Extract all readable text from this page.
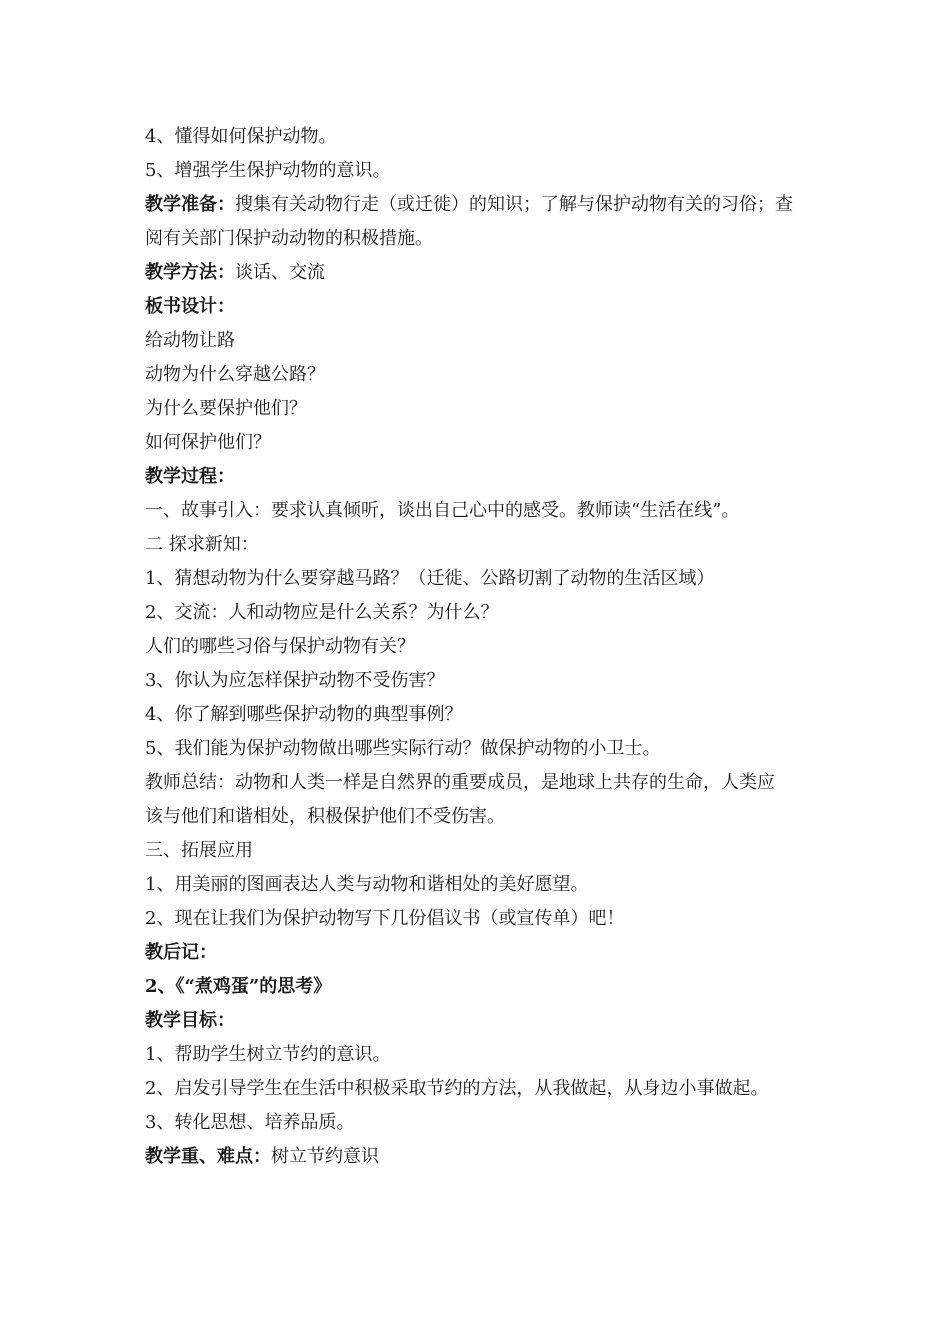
4、懂得如何保护动物。
5、增强学生保护动物的意识。
教学准备：搜集有关动物行走（或迁徙）的知识；了解与保护动物有关的习俗；查
阅有关部门保护动动物的积极措施。
教学方法：谈话、交流
板书设计：
给动物让路
动物为什么穿越公路？
为什么要保护他们？
如何保护他们？
教学过程：
一、故事引入：要求认真倾听，谈出自己心中的感受。教师读“生活在线”。
二 探求新知：
1、猜想动物为什么要穿越马路？（迁徙、公路切割了动物的生活区域）
2、交流：人和动物应是什么关系？为什么？
人们的哪些习俗与保护动物有关？
3、你认为应怎样保护动物不受伤害？
4、你了解到哪些保护动物的典型事例？
5、我们能为保护动物做出哪些实际行动？做保护动物的小卫士。
教师总结：动物和人类一样是自然界的重要成员，是地球上共存的生命，人类应
该与他们和谐相处，积极保护他们不受伤害。
三、拓展应用
1、用美丽的图画表达人类与动物和谐相处的美好愿望。
2、现在让我们为保护动物写下几份倡议书（或宣传单）吧！
教后记：
2、《“煮鸡蛋”的思考》
教学目标：
1、帮助学生树立节约的意识。
2、启发引导学生在生活中积极采取节约的方法，从我做起，从身边小事做起。
3、转化思想、培养品质。
教学重、难点：树立节约意识
